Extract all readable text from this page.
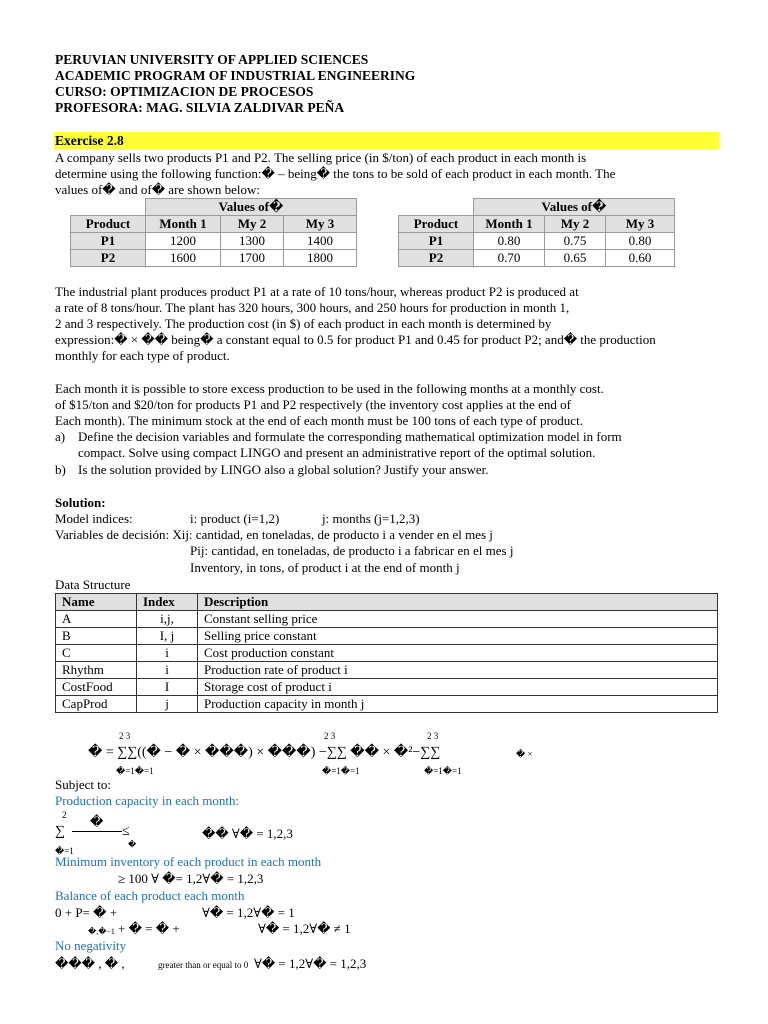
PERUVIAN UNIVERSITY OF APPLIED SCIENCES
ACADEMIC PROGRAM OF INDUSTRIAL ENGINEERING
CURSO: OPTIMIZACION DE PROCESOS
PROFESORA: MAG. SILVIA ZALDIVAR PEÑA
Exercise 2.8
A company sells two products P1 and P2. The selling price (in $/ton) of each product in each month is
determine using the following function:� – being� the tons to be sold of each product in each month. The
values of� and of� are shown below:
	Values of�		
Product	Month 1	My 2	My 3
P1	1200	1300	1400
P2	1600	1700	1800
	Values of�		
Product	Month 1	My 2	My 3
P1	0.80	0.75	0.80
P2	0.70	0.65	0.60
The industrial plant produces product P1 at a rate of 10 tons/hour, whereas product P2 is produced at
a rate of 8 tons/hour. The plant has 320 hours, 300 hours, and 250 hours for production in month 1,
2 and 3 respectively. The production cost (in $) of each product in each month is determined by
expression:� × �� being� a constant equal to 0.5 for product P1 and 0.45 for product P2; and� the production
monthly for each type of product.
Each month it is possible to store excess production to be used in the following months at a monthly cost.
of $15/ton and $20/ton for products P1 and P2 respectively (the inventory cost applies at the end of
Each month). The minimum stock at the end of each month must be 100 tons of each type of product.
a) Define the decision variables and formulate the corresponding mathematical optimization model in form
compact. Solve using compact LINGO and present an administrative report of the optimal solution.
b) Is the solution provided by LINGO also a global solution? Justify your answer.
Solution:
Model indices:	i: product (i=1,2)	j: months (j=1,2,3)
Variables de decisión: Xij: cantidad, en toneladas, de producto i a vender en el mes j
Pij: cantidad, en toneladas, de producto i a fabricar en el mes j
Inventory, in tons, of product i at the end of month j
Data Structure
Name	Index	Description
A	i,j,	Constant selling price
B	I, j	Selling price constant
C	i	Cost production constant
Rhythm	i	Production rate of product i
CostFood	I	Storage cost of product i
CapProd	j	Production capacity in month j
2 3	2 3	2 3
� = ∑∑((� − � × ���) × ���) −∑∑ �� × �²−∑∑	� ×
�=1�=1	�=1�=1	�=1�=1
Subject to:
Production capacity in each month:
2 �
∑	≤
�
�� ∀� = 1,2,3
�=1
Minimum inventory of each product in each month
≥ 100 ∀ �= 1,2∀� = 1,2,3
Balance of each product each month
0 + P= � +	∀� = 1,2∀� = 1
�,�−1 + � = � +	∀� = 1,2∀� ≠ 1
No negativity
��� , � ,	greater than or equal to 0 ∀� = 1,2∀� = 1,2,3
